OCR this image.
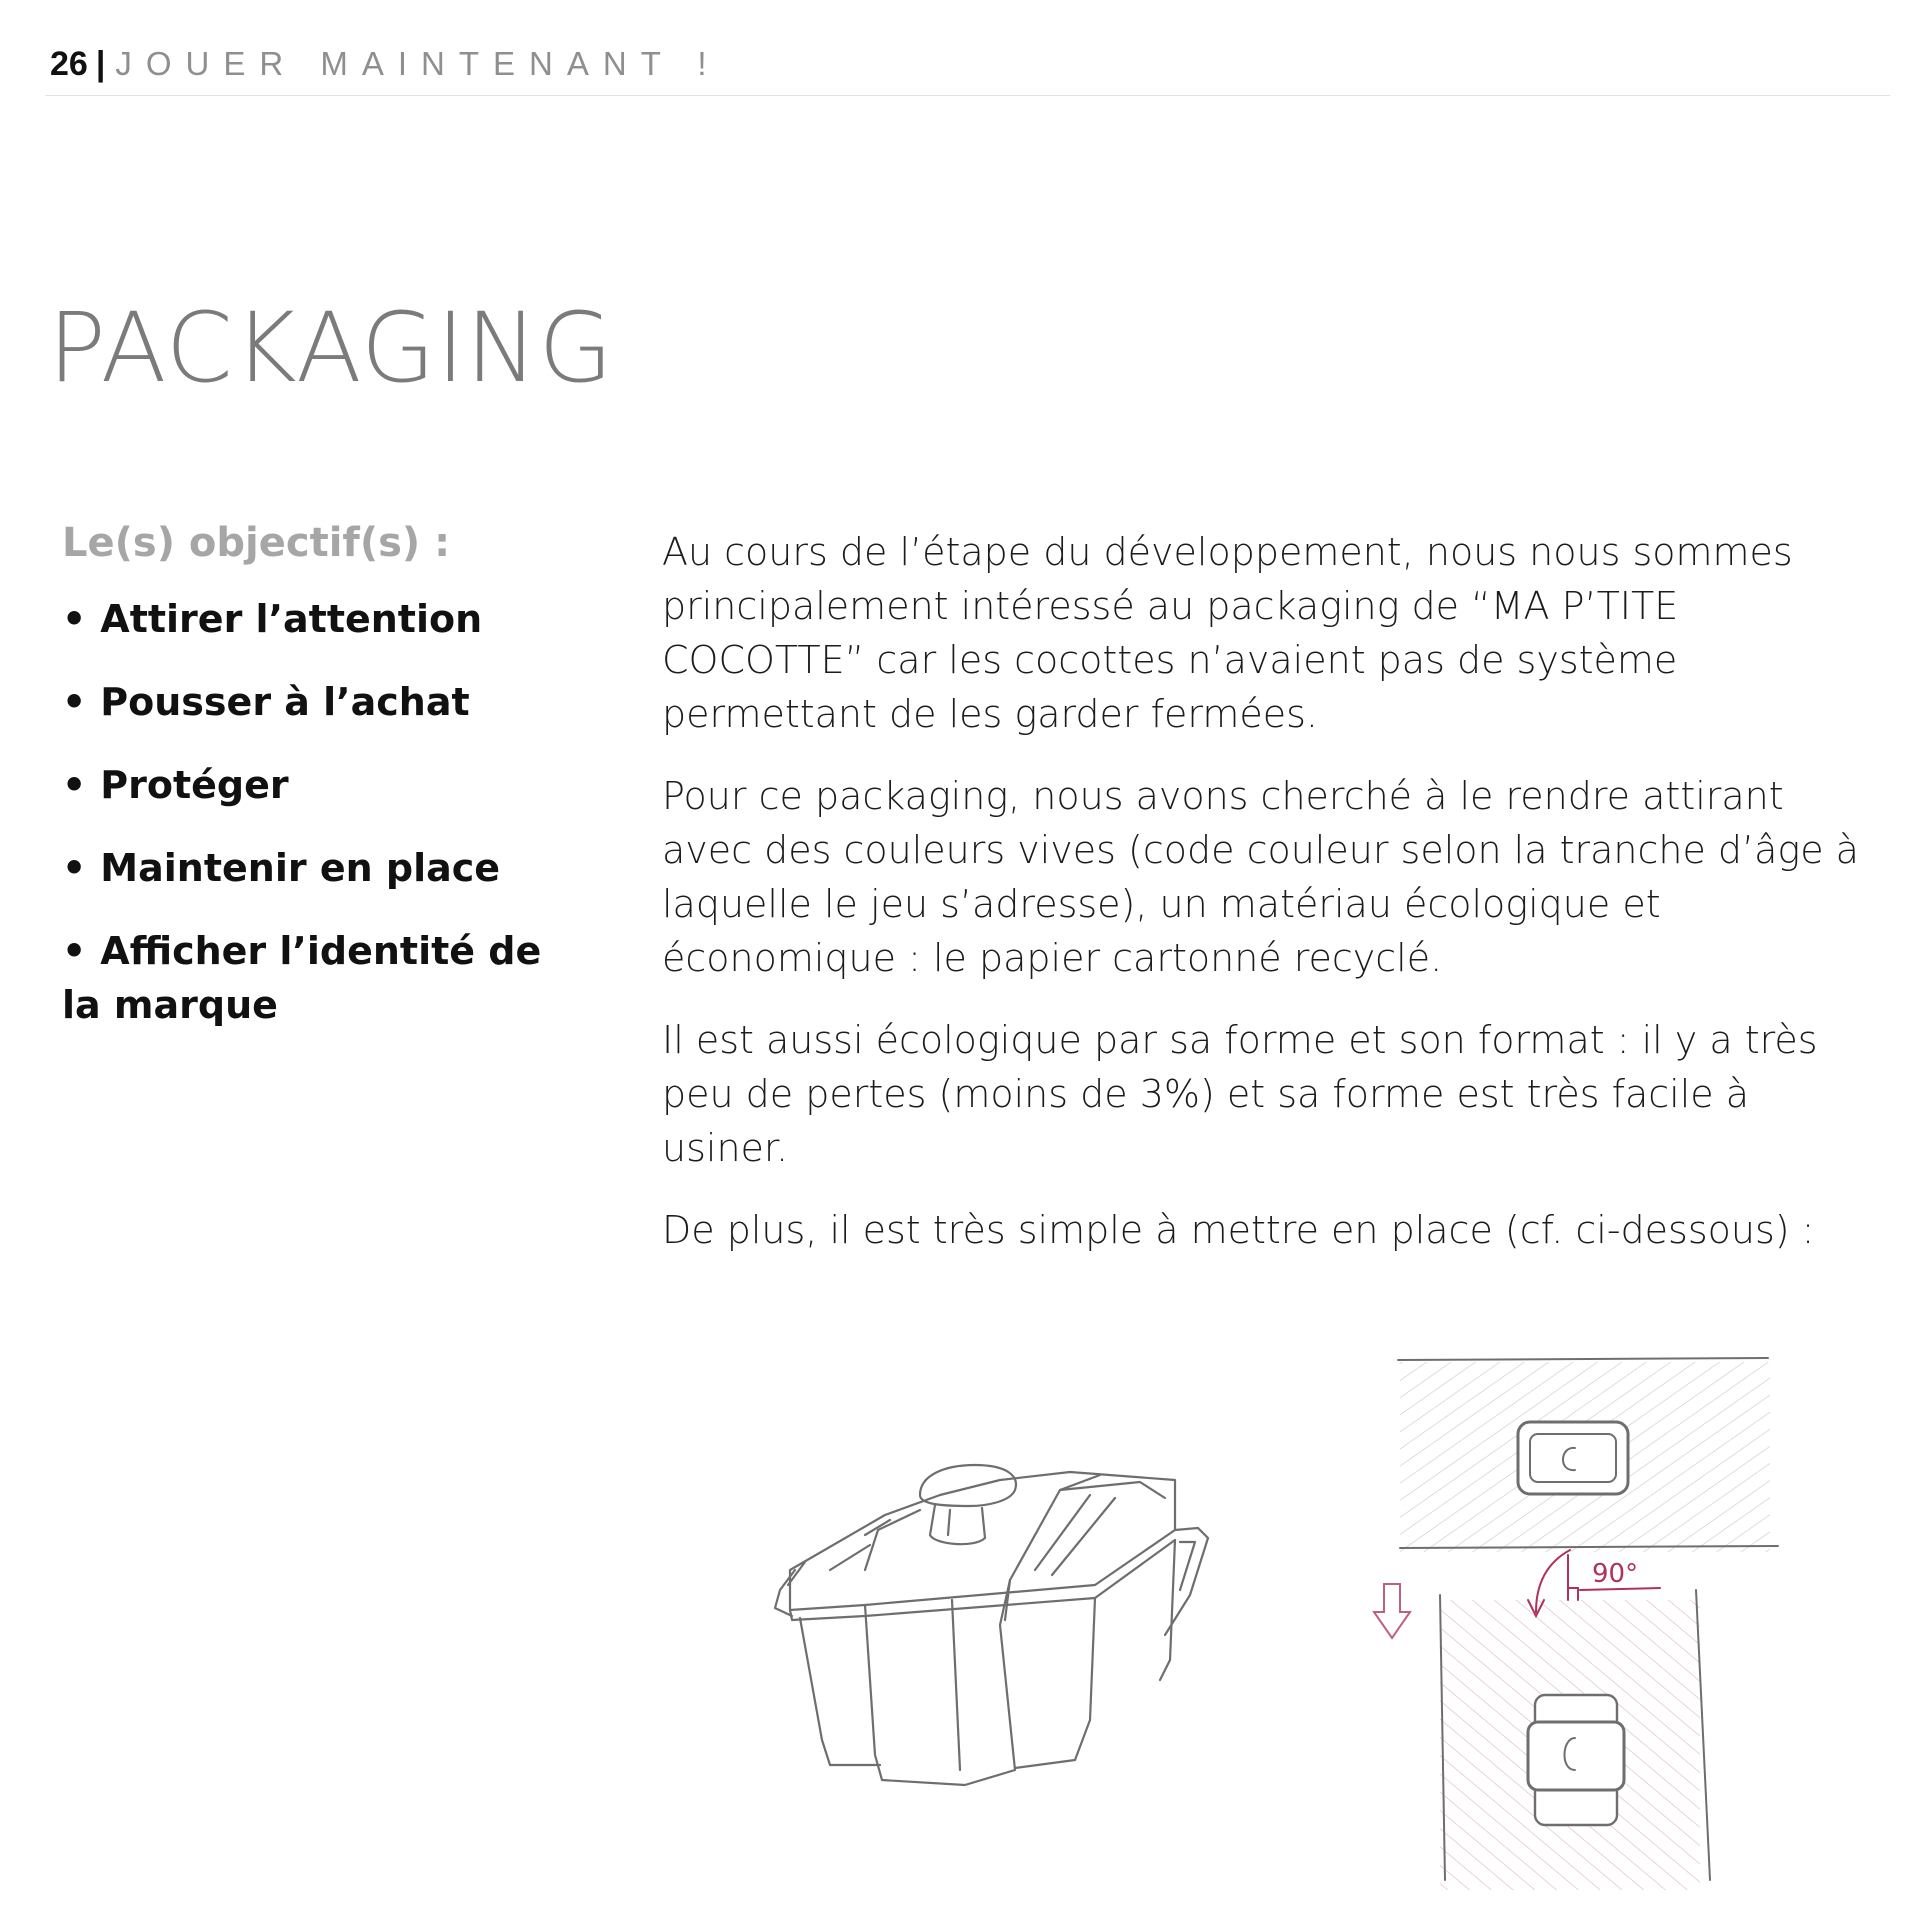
26 | JOUER MAINTENANT !
PACKAGING
Le(s) objectif(s) :
• Attirer l’attention
• Pousser à l’achat
• Protéger
• Maintenir en place
• Afficher l’identité de la marque

Au cours de l’étape du développement, nous nous sommes principalement intéressé au packaging de “MA P’TITE COCOTTE” car les cocottes n’avaient pas de système permettant de les garder fermées.

Pour ce packaging, nous avons cherché à le rendre attirant avec des couleurs vives (code couleur selon la tranche d’âge à laquelle le jeu s’adresse), un matériau écologique et économique : le papier cartonné recyclé.

Il est aussi écologique par sa forme et son format : il y a très peu de pertes (moins de 3%) et sa forme est très facile à usiner.

De plus, il est très simple à mettre en place (cf. ci-dessous) :

90°
